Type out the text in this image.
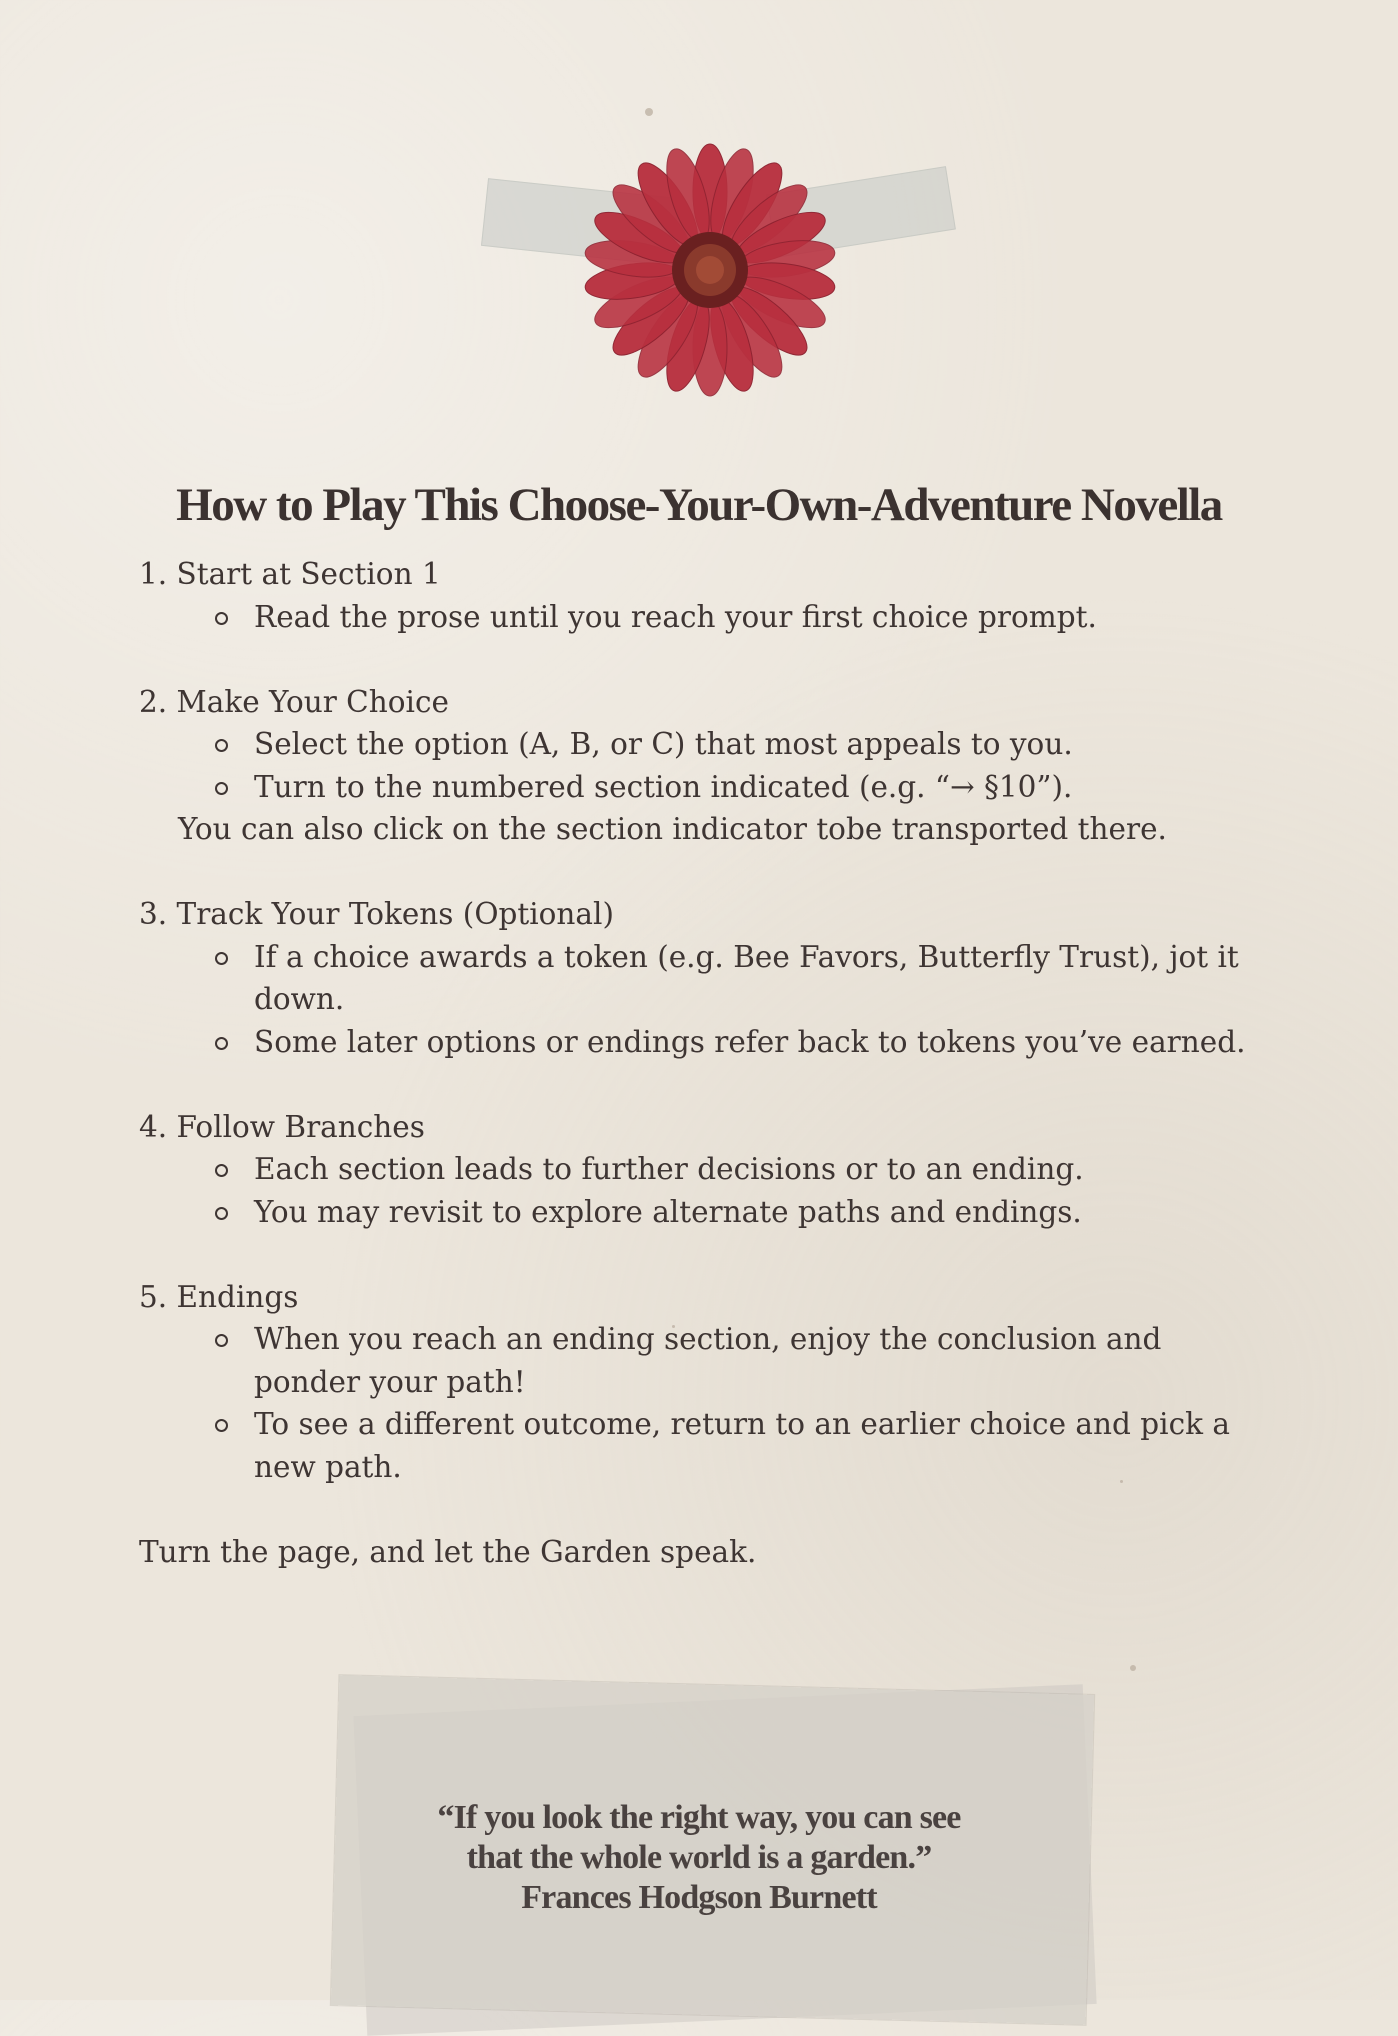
How to Play This Choose-Your-Own-Adventure Novella
1. Start at Section 1
Read the prose until you reach your first choice prompt.
2. Make Your Choice
Select the option (A, B, or C) that most appeals to you.
Turn to the numbered section indicated (e.g. “→ §10”).
You can also click on the section indicator tobe transported there.
3. Track Your Tokens (Optional)
If a choice awards a token (e.g. Bee Favors, Butterfly Trust), jot it down.
Some later options or endings refer back to tokens you’ve earned.
4. Follow Branches
Each section leads to further decisions or to an ending.
You may revisit to explore alternate paths and endings.
5. Endings
When you reach an ending section, enjoy the conclusion and ponder your path!
To see a different outcome, return to an earlier choice and pick a new path.
Turn the page, and let the Garden speak.
“If you look the right way, you can see
that the whole world is a garden.”
Frances Hodgson Burnett
